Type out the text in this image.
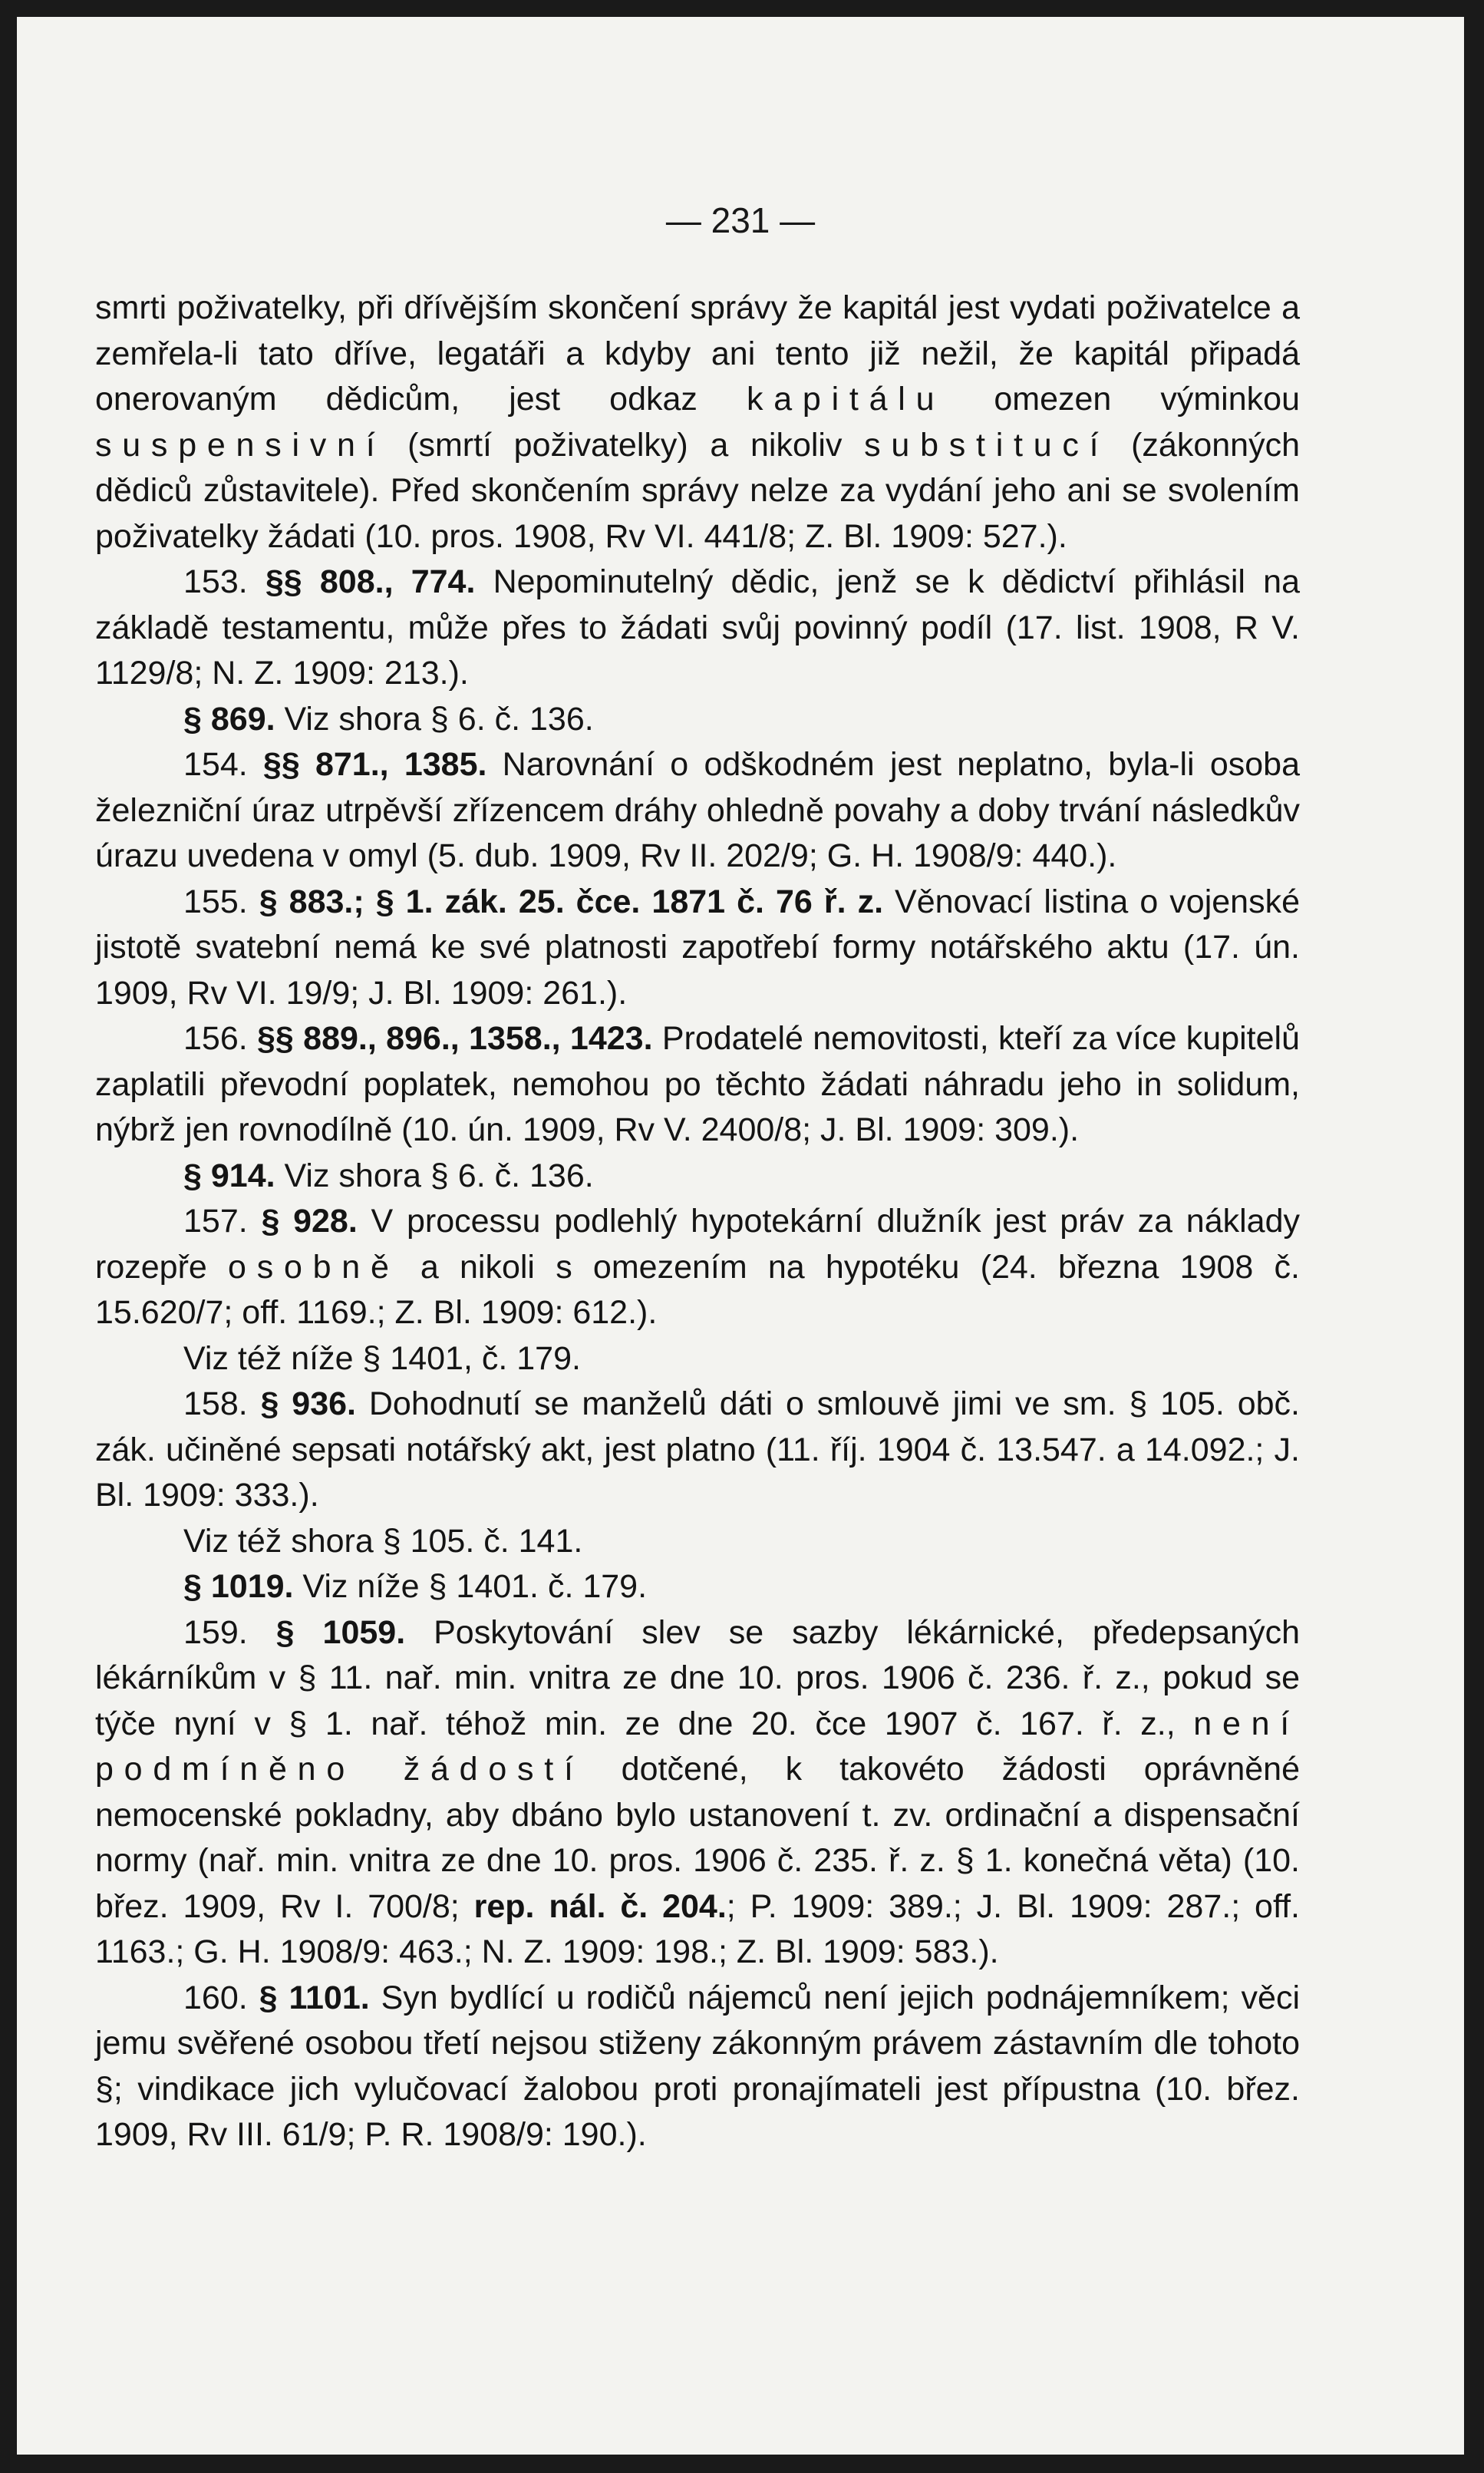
— 231 —

smrti poživatelky, při dřívějším skončení správy že kapitál jest vydati poživatelce a zemřela-li tato dříve, legatáři a kdyby ani tento již nežil, že kapitál připadá onerovaným dědicům, jest odkaz kapitálu omezen výminkou suspensivní (smrtí poživatelky) a nikoliv substitucí (zákonných dědiců zůstavitele). Před skončením správy nelze za vydání jeho ani se svolením poživatelky žádati (10. pros. 1908, Rv VI. 441/8; Z. Bl. 1909: 527.).

153. §§ 808., 774. Nepominutelný dědic, jenž se k dědictví přihlásil na základě testamentu, může přes to žádati svůj povinný podíl (17. list. 1908, R V. 1129/8; N. Z. 1909: 213.).

§ 869. Viz shora § 6. č. 136.

154. §§ 871., 1385. Narovnání o odškodném jest neplatno, byla-li osoba železniční úraz utrpěvší zřízencem dráhy ohledně povahy a doby trvání následkův úrazu uvedena v omyl (5. dub. 1909, Rv II. 202/9; G. H. 1908/9: 440.).

155. § 883.; § 1. zák. 25. čce. 1871 č. 76 ř. z. Věnovací listina o vojenské jistotě svatební nemá ke své platnosti zapotřebí formy notářského aktu (17. ún. 1909, Rv VI. 19/9; J. Bl. 1909: 261.).

156. §§ 889., 896., 1358., 1423. Prodatelé nemovitosti, kteří za více kupitelů zaplatili převodní poplatek, nemohou po těchto žádati náhradu jeho in solidum, nýbrž jen rovnodílně (10. ún. 1909, Rv V. 2400/8; J. Bl. 1909: 309.).

§ 914. Viz shora § 6. č. 136.

157. § 928. V processu podlehlý hypotekární dlužník jest práv za náklady rozepře osobně a nikoli s omezením na hypotéku (24. března 1908 č. 15.620/7; off. 1169.; Z. Bl. 1909: 612.).

Viz též níže § 1401, č. 179.

158. § 936. Dohodnutí se manželů dáti o smlouvě jimi ve sm. § 105. obč. zák. učiněné sepsati notářský akt, jest platno (11. říj. 1904 č. 13.547. a 14.092.; J. Bl. 1909: 333.).

Viz též shora § 105. č. 141.

§ 1019. Viz níže § 1401. č. 179.

159. § 1059. Poskytování slev se sazby lékárnické, předepsaných lékárníkům v § 11. nař. min. vnitra ze dne 10. pros. 1906 č. 236. ř. z., pokud se týče nyní v § 1. nař. téhož min. ze dne 20. čce 1907 č. 167. ř. z., není podmíněno žádostí dotčené, k takovéto žádosti oprávněné nemocenské pokladny, aby dbáno bylo ustanovení t. zv. ordinační a dispensační normy (nař. min. vnitra ze dne 10. pros. 1906 č. 235. ř. z. § 1. konečná věta) (10. břez. 1909, Rv I. 700/8; rep. nál. č. 204.; P. 1909: 389.; J. Bl. 1909: 287.; off. 1163.; G. H. 1908/9: 463.; N. Z. 1909: 198.; Z. Bl. 1909: 583.).

160. § 1101. Syn bydlící u rodičů nájemců není jejich podnájemníkem; věci jemu svěřené osobou třetí nejsou stiženy zákonným právem zástavním dle tohoto §; vindikace jich vylučovací žalobou proti pronajímateli jest přípustna (10. břez. 1909, Rv III. 61/9; P. R. 1908/9: 190.).
